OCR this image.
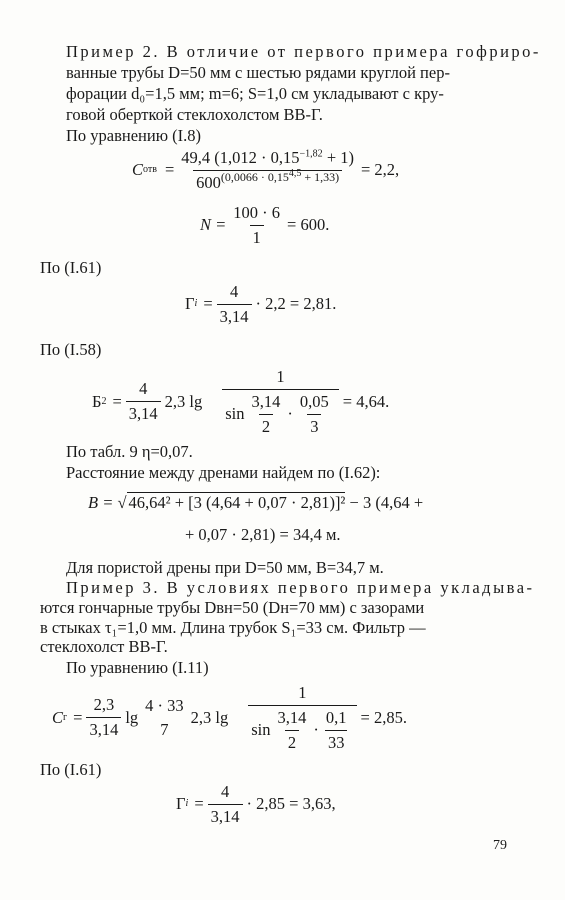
Пример 2. В отличие от первого примера гофриро-
ванные трубы D=50 мм с шестью рядами круглой пер-
форации d₀=1,5 мм; m=6; S=1,0 см укладывают с кру-
говой оберткой стеклохолстом ВВ-Г.
По уравнению (I.8)
C отв = $\frac{49,4 (1,012 \cdot 0,15^{-1,82} + 1)}{600^{(0,0066 \cdot 0,15^{4,5} + 1,33)}} = 2,2$,
$N = \frac{100 \cdot 6}{1} = 600$.
По (I.61)
Γ $i = \frac{4}{3,14} \cdot 2,2 = 2,81$.
По (I.58)
Б $2 = \frac{4}{3,14} 2,3$ lg
1
$\sin \frac{3,14}{2} \cdot \frac{0,05}{3} = 4,64$.
По табл. 9 η=0,07.
Расстояние между дренами найдем по (I.62):
B = √ 46,64² + [3 (4,64 + 0,07 · 2,81)]² − 3 (4,64 +
+ 0,07 · 2,81) = 34,4 м.
Для пористой дрены при D=50 мм, B=34,7 м.
Пример 3. В условиях первого примера укладыва-
ются гончарные трубы Dвн=50 (Dн=70 мм) с зазорами
в стыках τ₁=1,0 мм. Длина трубок S₁=33 см. Фильтр —
стеклохолст ВВ-Г.
По уравнению (I.11)
C $г = \frac{2,3}{3,14}$ lg
4 · 33
7
2,3 lg
1
$\sin \frac{3,14}{2} \cdot \frac{0,1}{33} = 2,85$.
По (I.61)
Γ $i = \frac{4}{3,14} \cdot 2,85 = 3,63$,
79
